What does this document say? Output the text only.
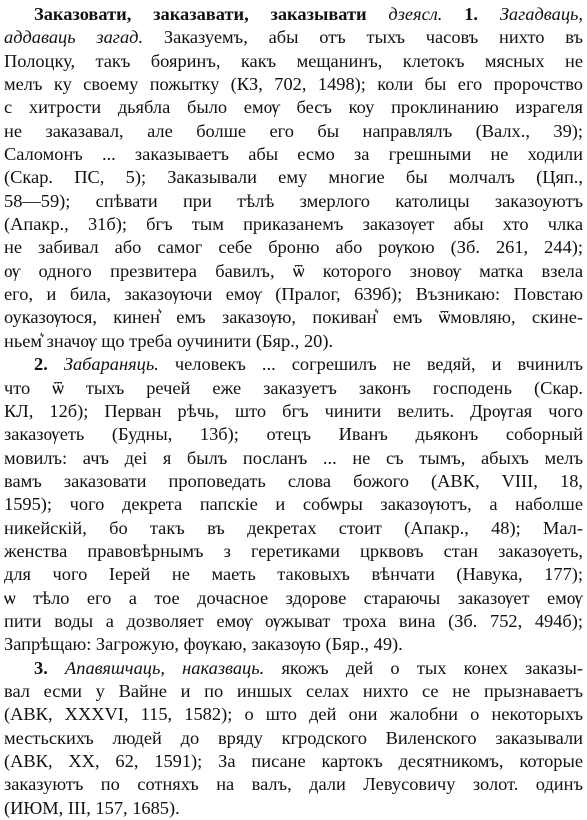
Заказовати, заказавати, заказывати дзеясл. 1. Загадваць,
аддаваць загад. Заказуемъ, абы отъ тыхъ часовъ нихто въ
Полоцку, такъ бояринъ, какъ мещанинъ, клетокъ мясных не
мелъ ку своему пожытку (КЗ, 702, 1498); коли бы его пророчство
с хитрости дьябла было емѹ бесъ коу проклинанию израгеля
не заказавал, але болше его бы направлялъ (Валх., 39);
Саломонъ ... заказываетъ абы есмо за грешными не ходили
(Скар. ПС, 5); Заказывали ему многие бы молчалъ (Цяп.,
58—59); спѣвати при тѣлѣ змерлого католицы заказоуютъ
(Апакр., 31б); бгъ тым приказанемъ заказѹет абы хто члка
не забивал або самог себе броню або рѹкою (Зб. 261, 244);
ѹ одного презвитера бавилъ, ѿ которого зновѹ матка взела
его, и била, заказѹючи емѹ (Пралог, 639б); Възникаю: Повстаю
оуказѹюся, кинен͛ емъ заказѹю, покиван͛ емъ ѿмовляю, скине-
ньем͛ значѹ що треба оучинити (Бяр., 20).
2. Забараняць. человекъ ... согрешилъ не ведяй, и вчинилъ
что ѿ тыхъ речей еже заказуетъ законъ господень (Скар.
КЛ, 12б); Перван рѣчь, што бгъ чинити велить. Дрѹгая чого
заказѹеть (Будны, 13б); отецъ Иванъ дьяконъ соборный
мовилъ: ачъ деі я былъ посланъ ... не съ тымъ, абыхъ мелъ
вамъ заказовати проповедать слова божого (АВК, VIII, 18,
1595); чого декрета папскіе и собѡры заказѹютъ, а наболше
никейскій, бо такъ въ декретах стоит (Апакр., 48); Мал-
женства правовѣрнымъ з геретиками црквовъ стан заказѹеть,
для чого Iерей не маеть таковыхъ вѣнчати (Навука, 177);
ѡ тѣло его а тое дочасное здорове стараючы заказѹет емѹ
пити воды а дозволяет емѹ ѹжыват троха вина (Зб. 752, 494б);
Запрѣщаю: Загрожую, фѹкаю, заказѹю (Бяр., 49).
3. Апавяшчаць, наказваць. якожъ дей о тых конех заказы-
вал есми у Вайне и по иншых селах нихто се не прызнаваетъ
(АВК, XXXVI, 115, 1582); о што дей они жалобни о некоторыхъ
местьскихъ людей до вряду кгродского Виленского заказывали
(АВК, XX, 62, 1591); За писане картокъ десятникомъ, которые
заказуютъ по сотняхъ на валъ, дали Левусовичу золот. одинъ
(ИЮМ, III, 157, 1685).
